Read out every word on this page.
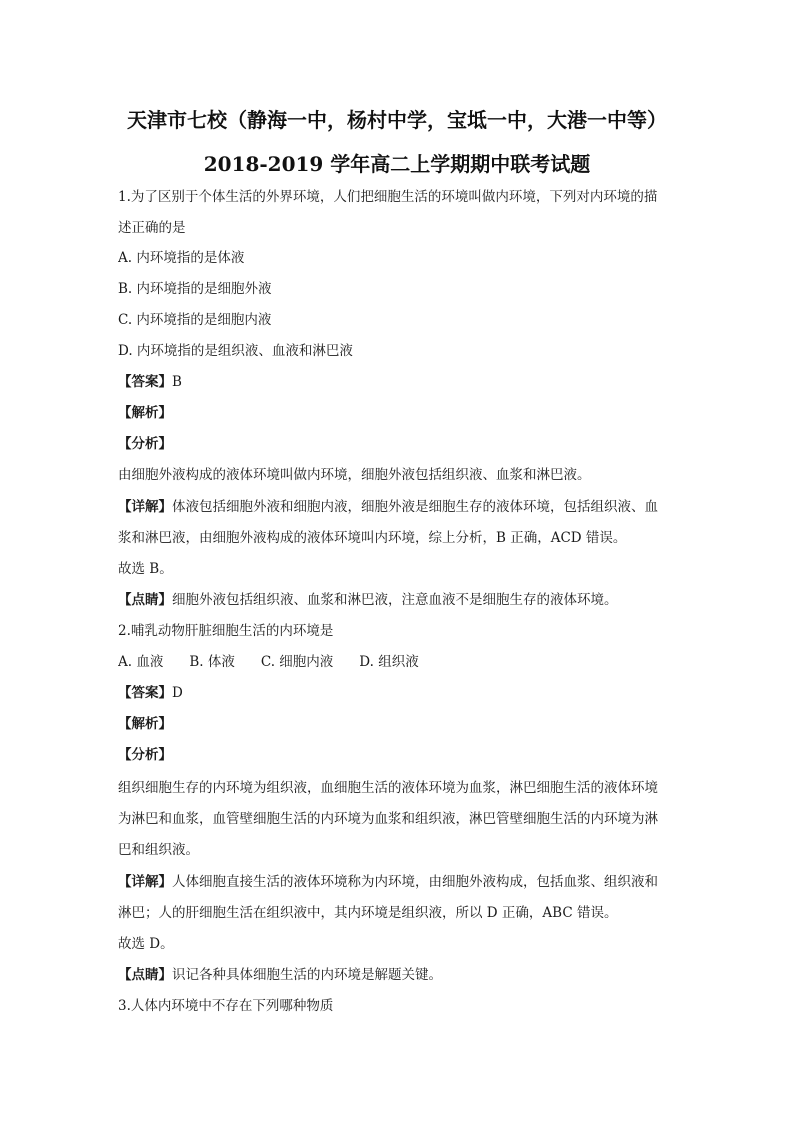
天津市七校（静海一中，杨村中学，宝坻一中，大港一中等）
2018-2019 学年高二上学期期中联考试题
1.为了区别于个体生活的外界环境，人们把细胞生活的环境叫做内环境，下列对内环境的描
述正确的是
A. 内环境指的是体液
B. 内环境指的是细胞外液
C. 内环境指的是细胞内液
D. 内环境指的是组织液、血液和淋巴液
【答案】B
【解析】
【分析】
由细胞外液构成的液体环境叫做内环境，细胞外液包括组织液、血浆和淋巴液。
【详解】体液包括细胞外液和细胞内液，细胞外液是细胞生存的液体环境，包括组织液、血
浆和淋巴液，由细胞外液构成的液体环境叫内环境，综上分析，B 正确，ACD 错误。
故选 B。
【点睛】细胞外液包括组织液、血浆和淋巴液，注意血液不是细胞生存的液体环境。
2.哺乳动物肝脏细胞生活的内环境是
A. 血液 B. 体液 C. 细胞内液 D. 组织液
【答案】D
【解析】
【分析】
组织细胞生存的内环境为组织液，血细胞生活的液体环境为血浆，淋巴细胞生活的液体环境
为淋巴和血浆，血管壁细胞生活的内环境为血浆和组织液，淋巴管壁细胞生活的内环境为淋
巴和组织液。
【详解】人体细胞直接生活的液体环境称为内环境，由细胞外液构成，包括血浆、组织液和
淋巴；人的肝细胞生活在组织液中，其内环境是组织液，所以 D 正确，ABC 错误。
故选 D。
【点睛】识记各种具体细胞生活的内环境是解题关键。
3.人体内环境中不存在下列哪种物质
